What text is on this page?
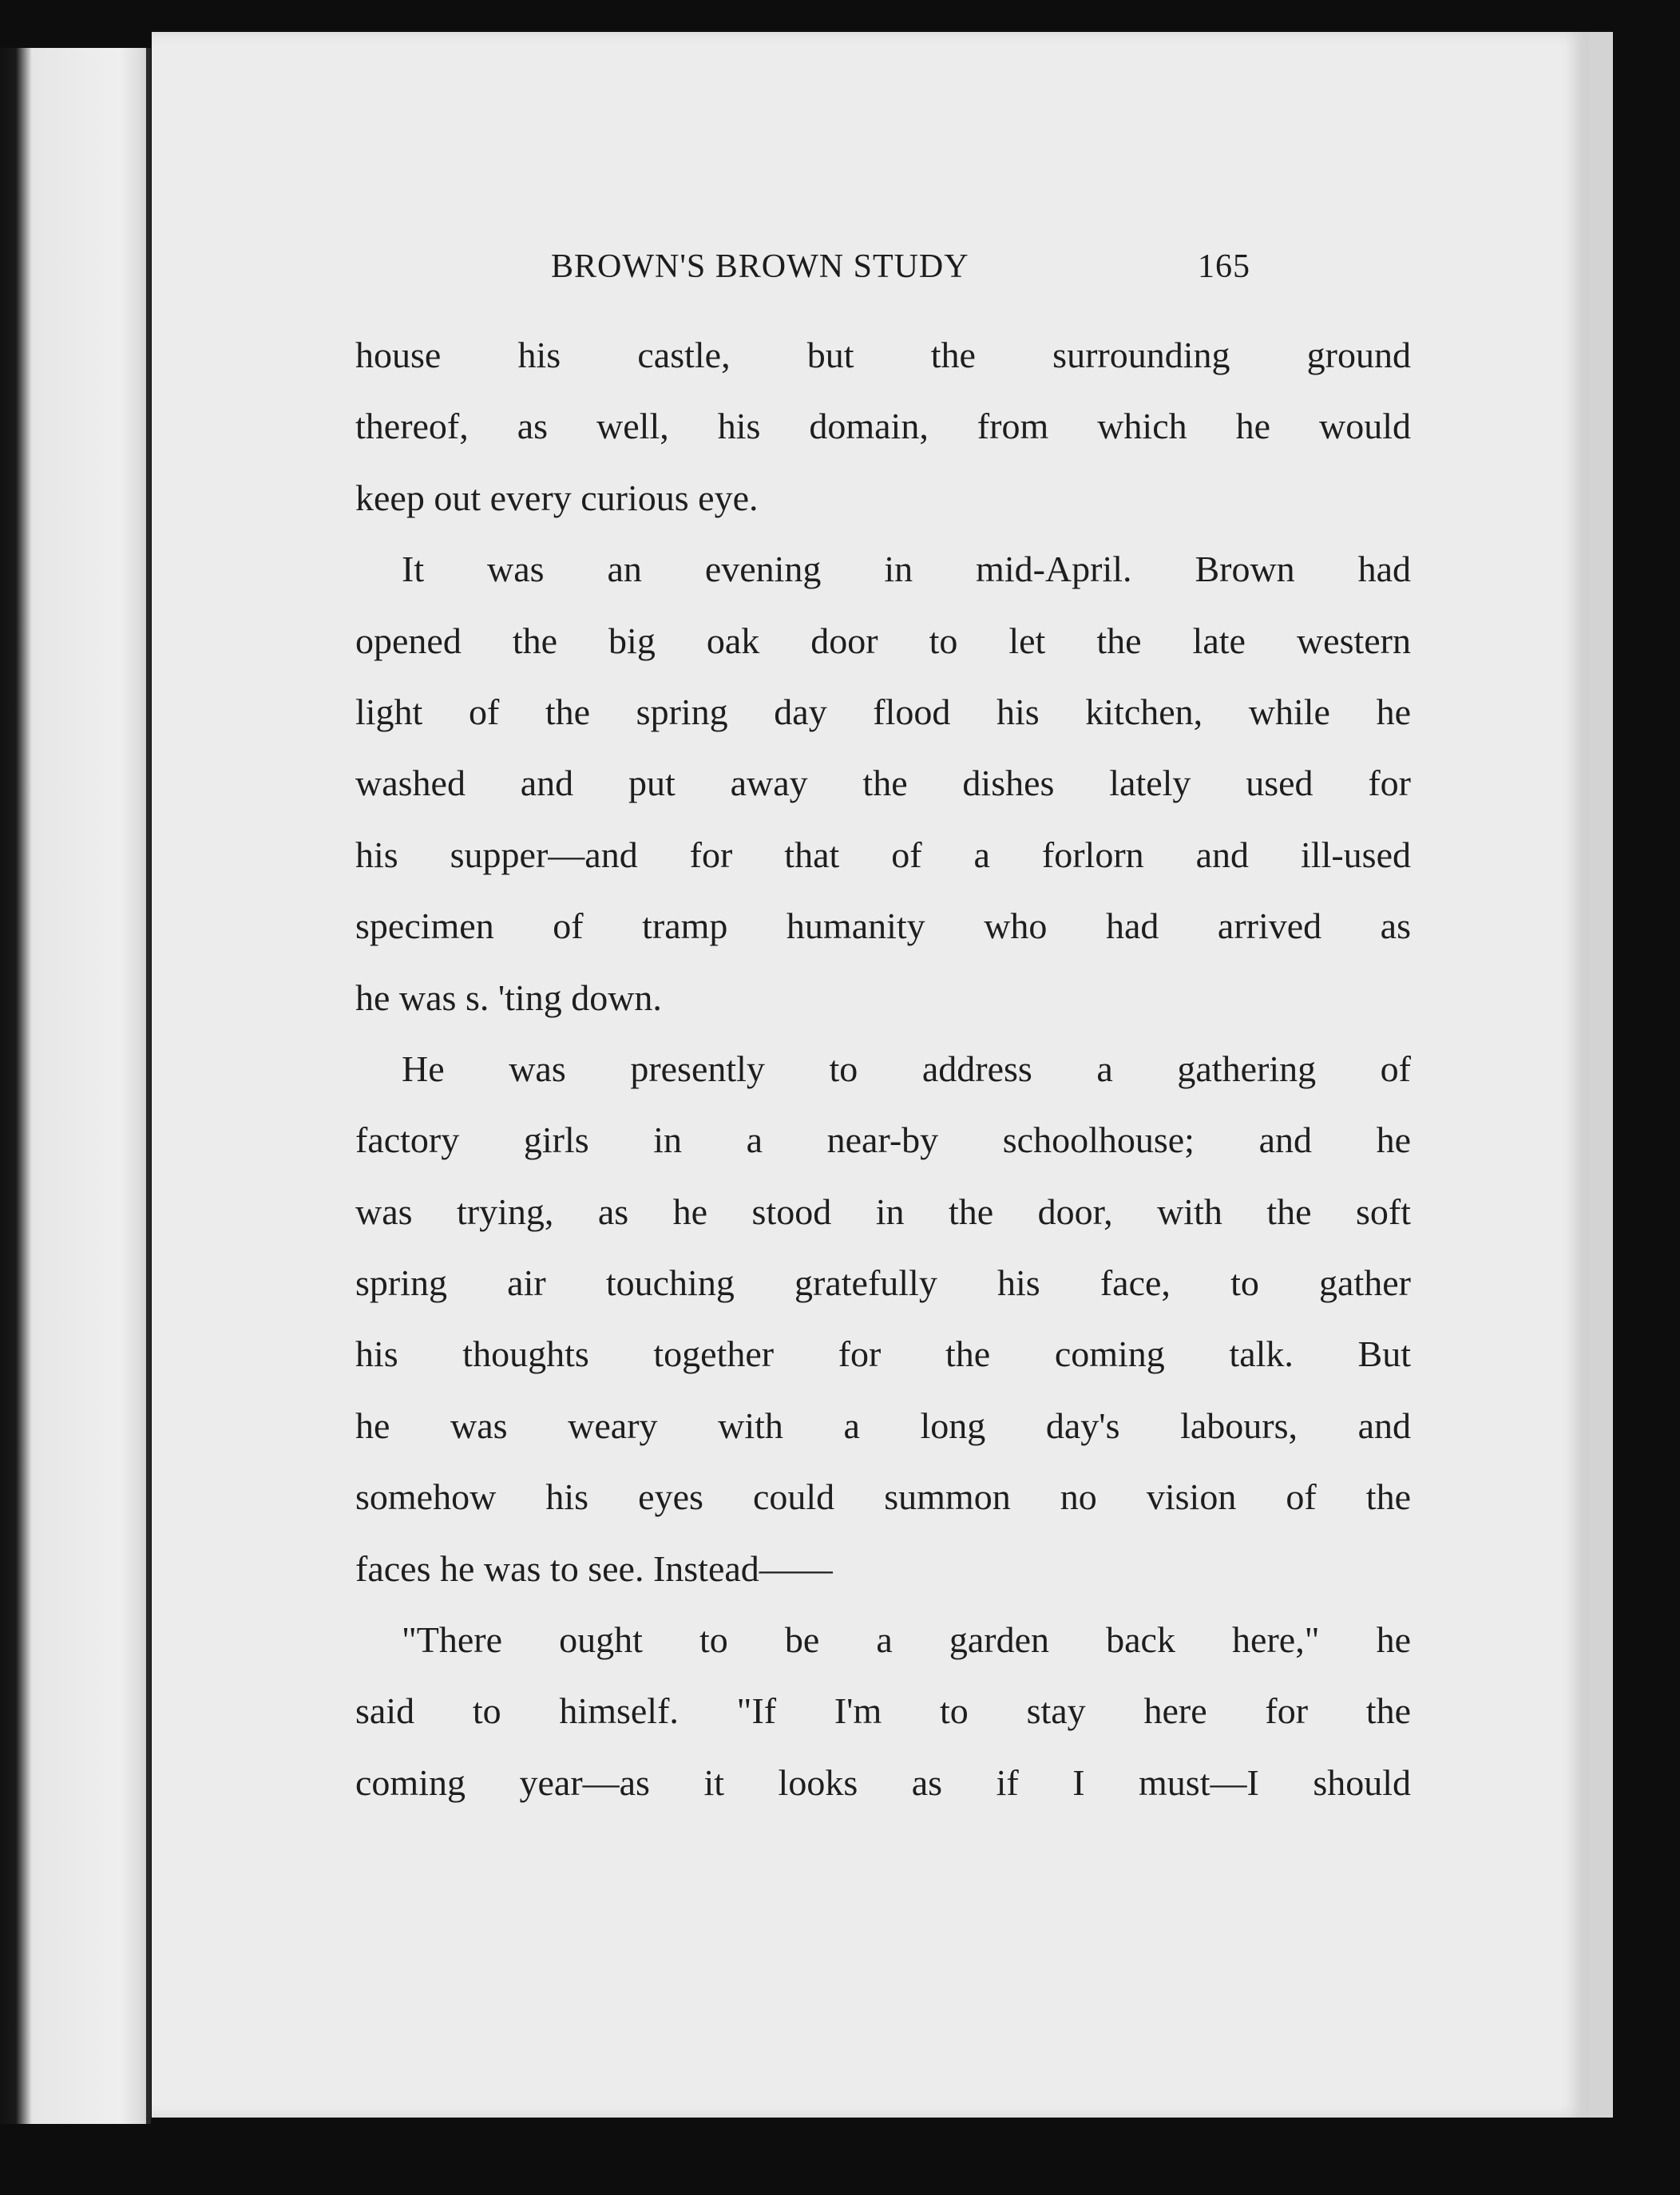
BROWN'S BROWN STUDY	165
house his castle, but the surrounding ground
thereof, as well, his domain, from which he would
keep out every curious eye.
It was an evening in mid-April. Brown had
opened the big oak door to let the late western
light of the spring day flood his kitchen, while he
washed and put away the dishes lately used for
his supper—and for that of a forlorn and ill-used
specimen of tramp humanity who had arrived as
he was s. 'ting down.
He was presently to address a gathering of
factory girls in a near-by schoolhouse; and he
was trying, as he stood in the door, with the soft
spring air touching gratefully his face, to gather
his thoughts together for the coming talk. But
he was weary with a long day's labours, and
somehow his eyes could summon no vision of the
faces he was to see. Instead——
"There ought to be a garden back here," he
said to himself. "If I'm to stay here for the
coming year—as it looks as if I must—I should
